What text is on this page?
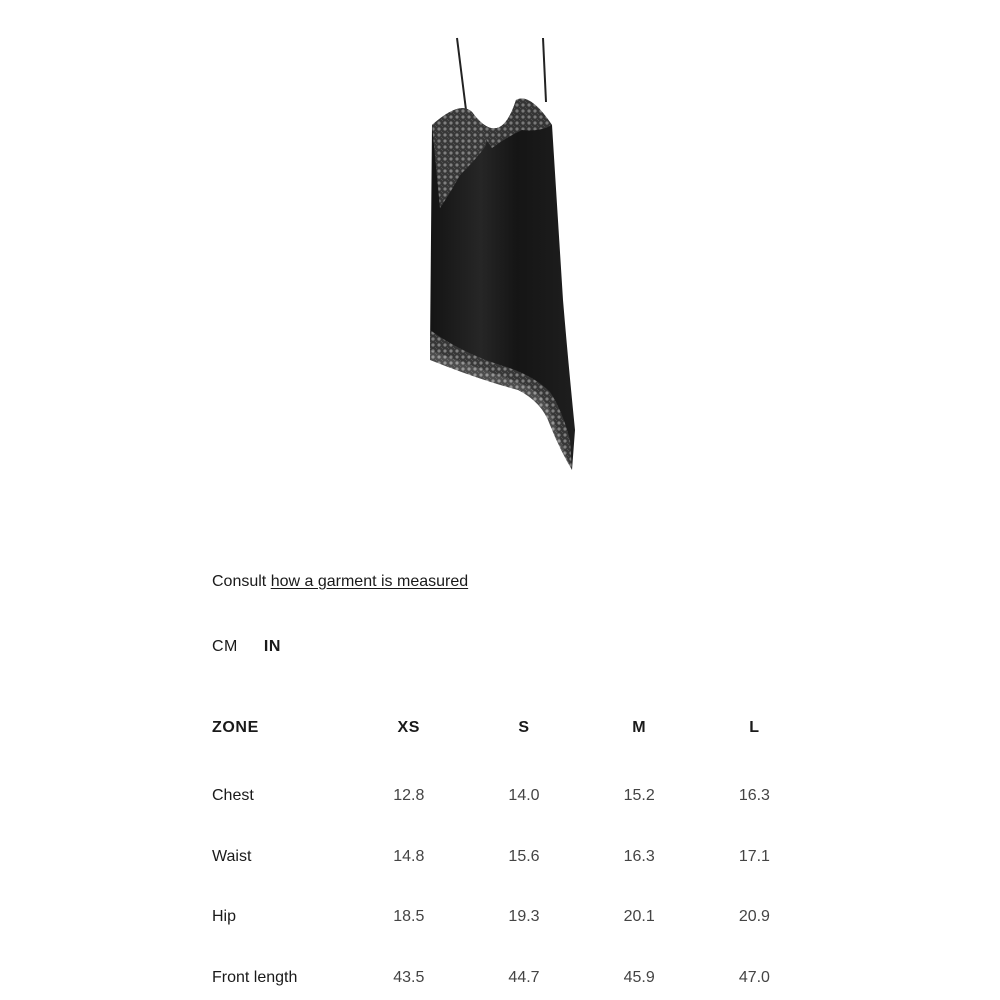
Consult how a garment is measured
CM IN
ZONE	XS	S	M	L
Chest	12.8	14.0	15.2	16.3
Waist	14.8	15.6	16.3	17.1
Hip	18.5	19.3	20.1	20.9
Front length	43.5	44.7	45.9	47.0
